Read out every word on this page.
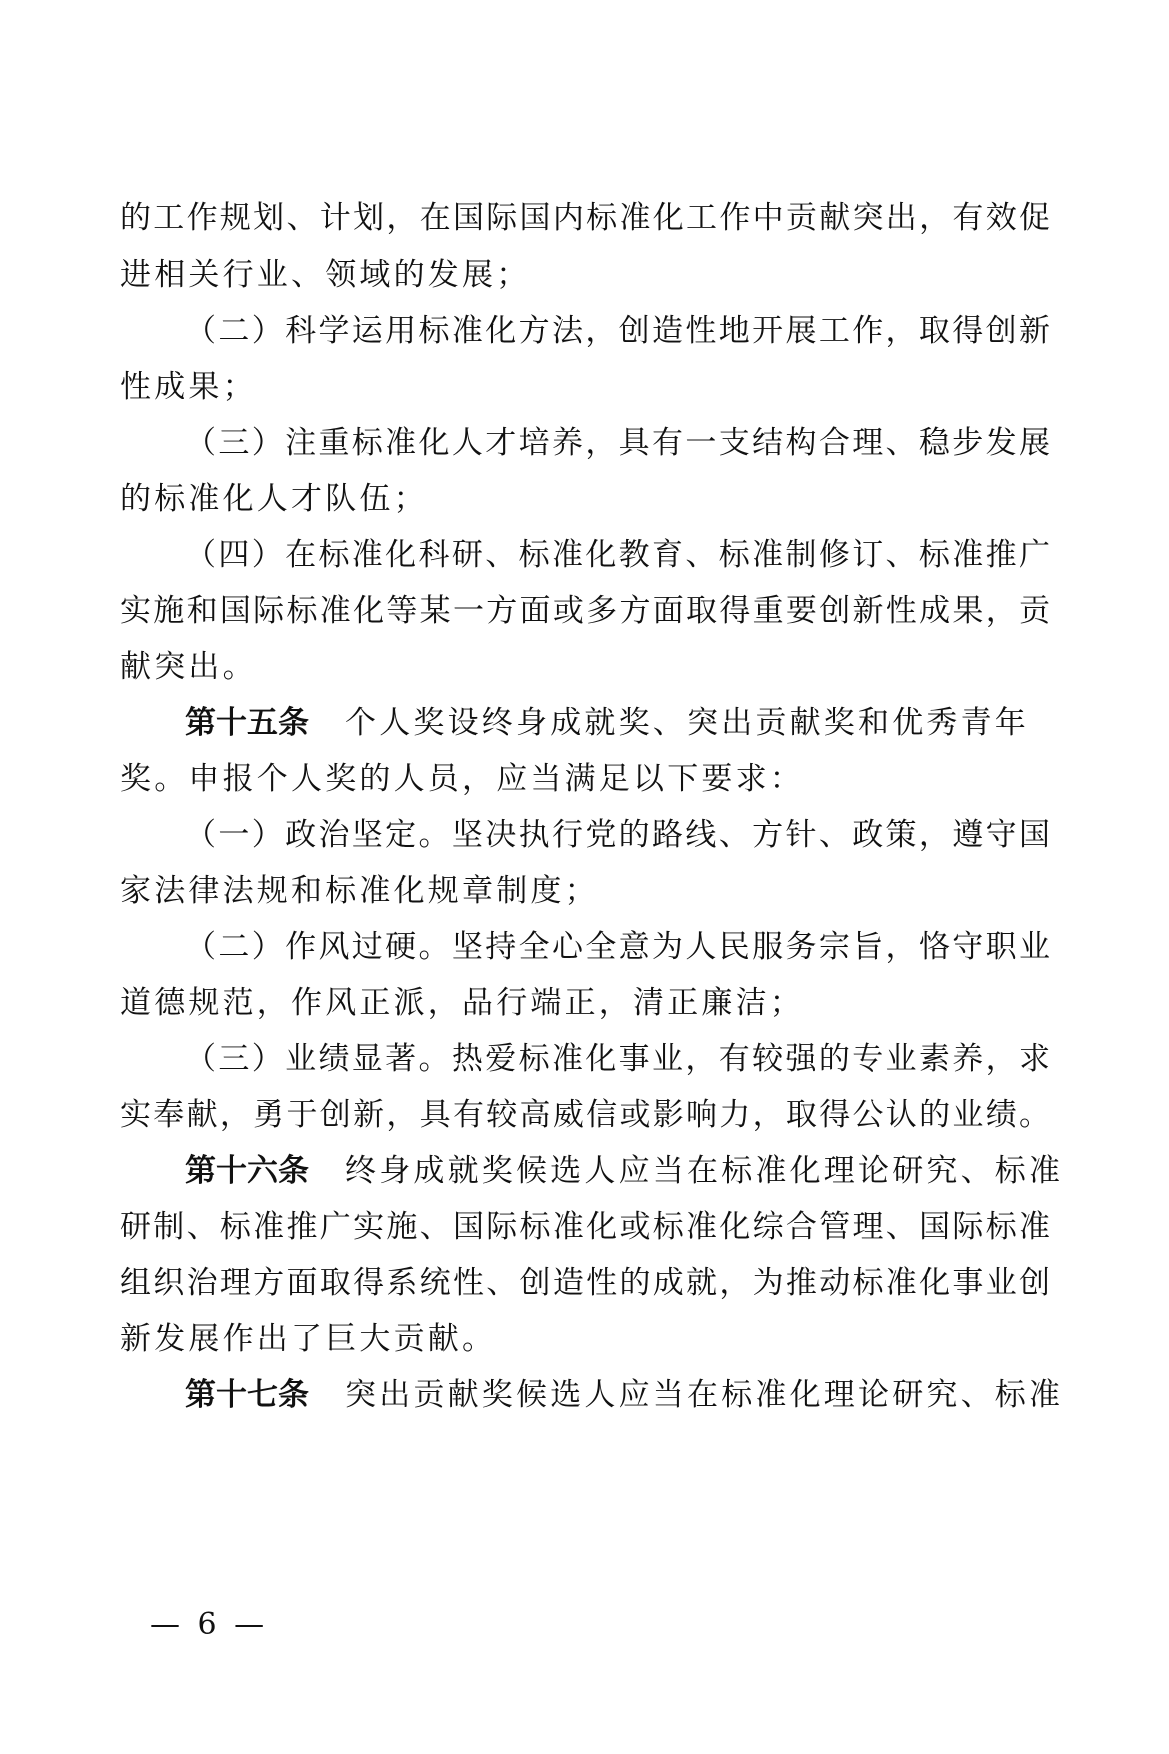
的工作规划、计划，在国际国内标准化工作中贡献突出，有效促
进相关行业、领域的发展；
（二）科学运用标准化方法，创造性地开展工作，取得创新
性成果；
（三）注重标准化人才培养，具有一支结构合理、稳步发展
的标准化人才队伍；
（四）在标准化科研、标准化教育、标准制修订、标准推广
实施和国际标准化等某一方面或多方面取得重要创新性成果，贡
献突出。
第十五条 个人奖设终身成就奖、突出贡献奖和优秀青年
奖。申报个人奖的人员，应当满足以下要求：
（一）政治坚定。坚决执行党的路线、方针、政策，遵守国
家法律法规和标准化规章制度；
（二）作风过硬。坚持全心全意为人民服务宗旨，恪守职业
道德规范，作风正派，品行端正，清正廉洁；
（三）业绩显著。热爱标准化事业，有较强的专业素养，求
实奉献，勇于创新，具有较高威信或影响力，取得公认的业绩。
第十六条 终身成就奖候选人应当在标准化理论研究、标准
研制、标准推广实施、国际标准化或标准化综合管理、国际标准
组织治理方面取得系统性、创造性的成就，为推动标准化事业创
新发展作出了巨大贡献。
第十七条 突出贡献奖候选人应当在标准化理论研究、标准
— 6 —
